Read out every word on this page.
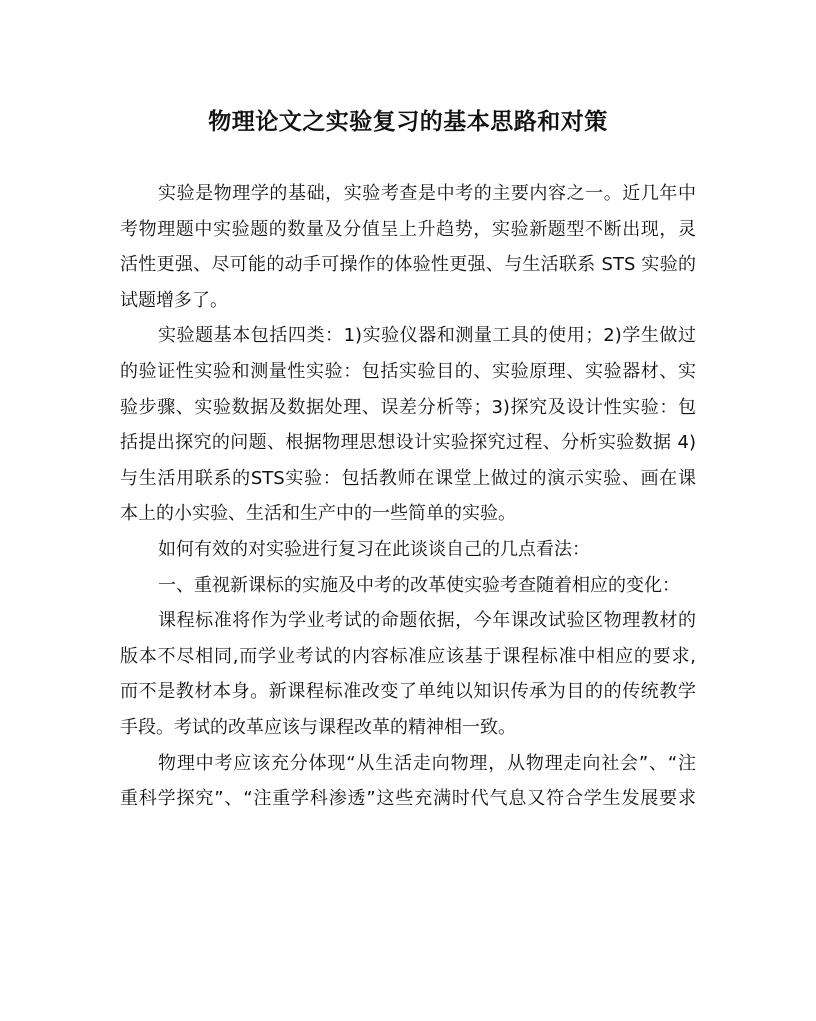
物理论文之实验复习的基本思路和对策
实验是物理学的基础，实验考查是中考的主要内容之一。近几年中
考物理题中实验题的数量及分值呈上升趋势，实验新题型不断出现，灵
活性更强、尽可能的动手可操作的体验性更强、与生活联系 STS 实验的
试题增多了。
实验题基本包括四类：1)实验仪器和测量工具的使用；2)学生做过
的验证性实验和测量性实验：包括实验目的、实验原理、实验器材、实
验步骤、实验数据及数据处理、误差分析等；3)探究及设计性实验：包
括提出探究的问题、根据物理思想设计实验探究过程、分析实验数据 4)
与生活用联系的STS实验：包括教师在课堂上做过的演示实验、画在课
本上的小实验、生活和生产中的一些简单的实验。
如何有效的对实验进行复习在此谈谈自己的几点看法：
一、重视新课标的实施及中考的改革使实验考查随着相应的变化：
课程标准将作为学业考试的命题依据，今年课改试验区物理教材的
版本不尽相同,而学业考试的内容标准应该基于课程标准中相应的要求,
而不是教材本身。新课程标准改变了单纯以知识传承为目的的传统教学
手段。考试的改革应该与课程改革的精神相一致。
物理中考应该充分体现“从生活走向物理，从物理走向社会”、“注
重科学探究”、“注重学科渗透”这些充满时代气息又符合学生发展要求
